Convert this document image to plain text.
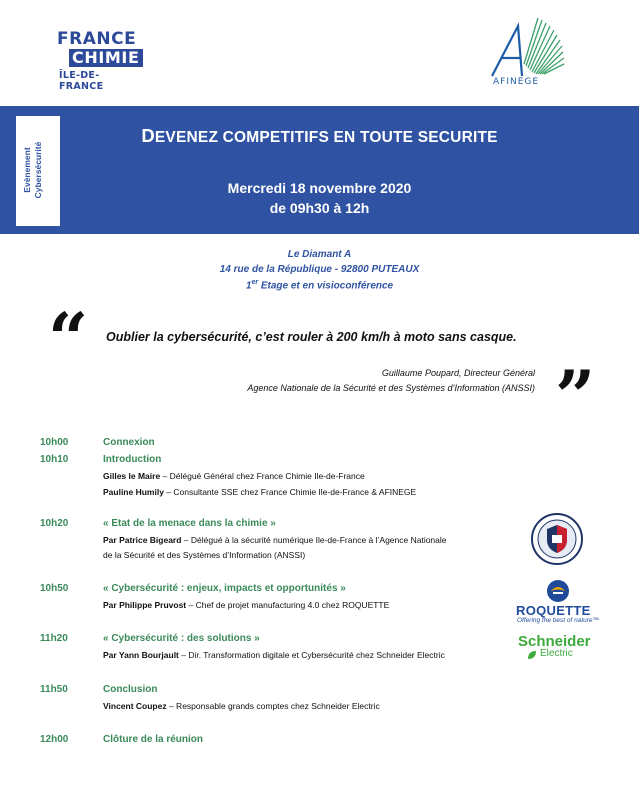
FRANCE
CHIMIE
ÎLE-DE-FRANCE	AFINEGE
Evènement Cybersécurité
DEVENEZ COMPETITIFS EN TOUTE SECURITE
Mercredi 18 novembre 2020
de 09h30 à 12h
Le Diamant A
14 rue de la République - 92800 PUTEAUX
1er Etage et en visioconférence
“ Oublier la cybersécurité, c’est rouler à 200 km/h à moto sans casque.
Guillaume Poupard, Directeur Général
Agence Nationale de la Sécurité et des Systèmes d’Information (ANSSI) ”
10h00	Connexion
10h10	Introduction
Gilles le Maire – Délégué Général chez France Chimie Ile-de-France
Pauline Humily – Consultante SSE chez France Chimie Ile-de-France & AFINEGE
10h20	« Etat de la menace dans la chimie »
Par Patrice Bigeard – Délégué à la sécurité numérique Ile-de-France à l’Agence Nationale
de la Sécurité et des Systèmes d’Information (ANSSI)
10h50	« Cybersécurité : enjeux, impacts et opportunités »
Par Philippe Pruvost – Chef de projet manufacturing 4.0 chez ROQUETTE
11h20	« Cybersécurité : des solutions »
Par Yann Bourjault – Dir. Transformation digitale et Cybersécurité chez Schneider Electric
11h50	Conclusion
Vincent Coupez – Responsable grands comptes chez Schneider Electric
12h00	Clôture de la réunion
ROQUETTE
Offering the best of nature™
Schneider
Electric
